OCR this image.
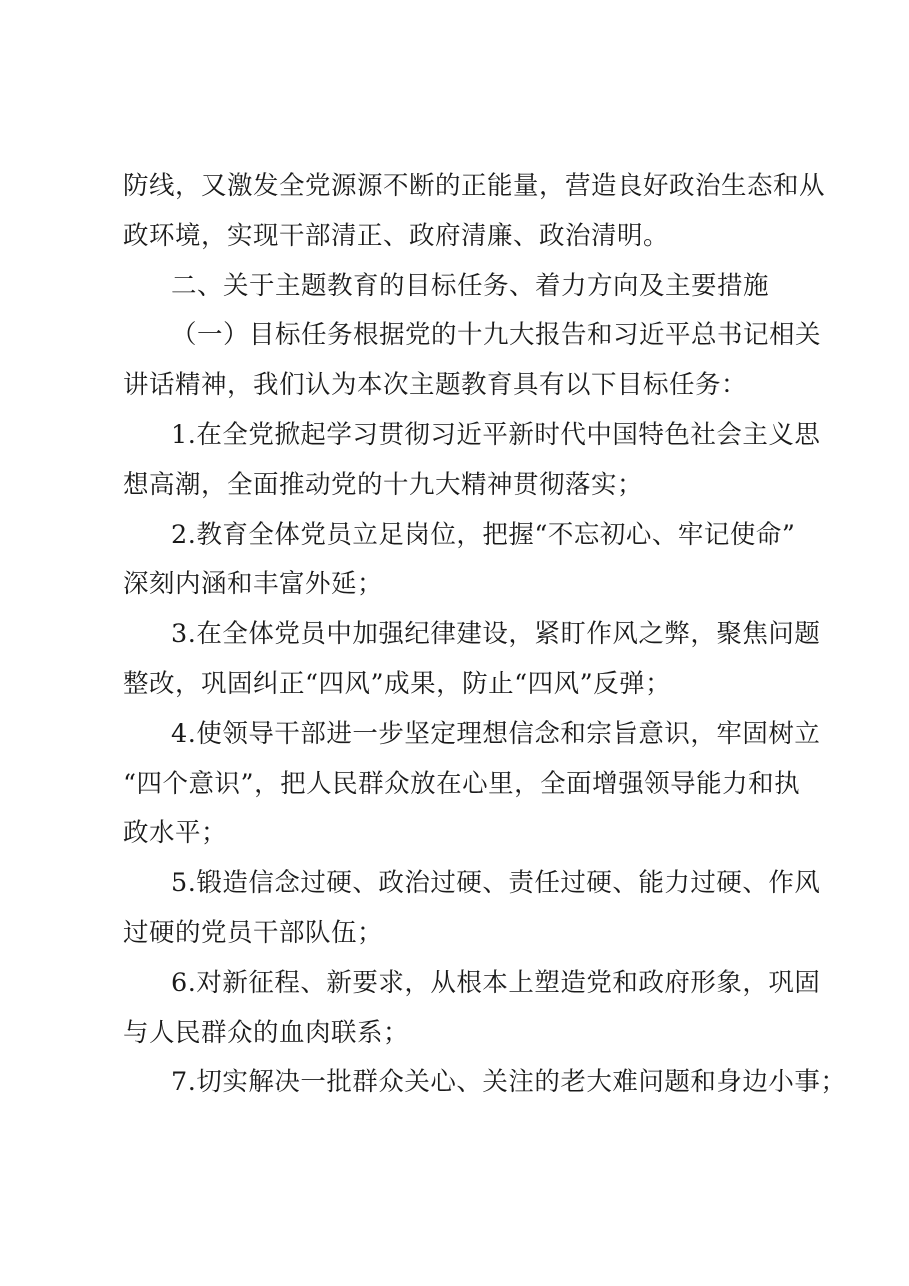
防线，又激发全党源源不断的正能量，营造良好政治生态和从
政环境，实现干部清正、政府清廉、政治清明。
二、关于主题教育的目标任务、着力方向及主要措施
（一）目标任务根据党的十九大报告和习近平总书记相关
讲话精神，我们认为本次主题教育具有以下目标任务：
1.在全党掀起学习贯彻习近平新时代中国特色社会主义思
想高潮，全面推动党的十九大精神贯彻落实；
2.教育全体党员立足岗位，把握“不忘初心、牢记使命”
深刻内涵和丰富外延；
3.在全体党员中加强纪律建设，紧盯作风之弊，聚焦问题
整改，巩固纠正“四风”成果，防止“四风”反弹；
4.使领导干部进一步坚定理想信念和宗旨意识，牢固树立
“四个意识”，把人民群众放在心里，全面增强领导能力和执
政水平；
5.锻造信念过硬、政治过硬、责任过硬、能力过硬、作风
过硬的党员干部队伍；
6.对新征程、新要求，从根本上塑造党和政府形象，巩固
与人民群众的血肉联系；
7.切实解决一批群众关心、关注的老大难问题和身边小事；
